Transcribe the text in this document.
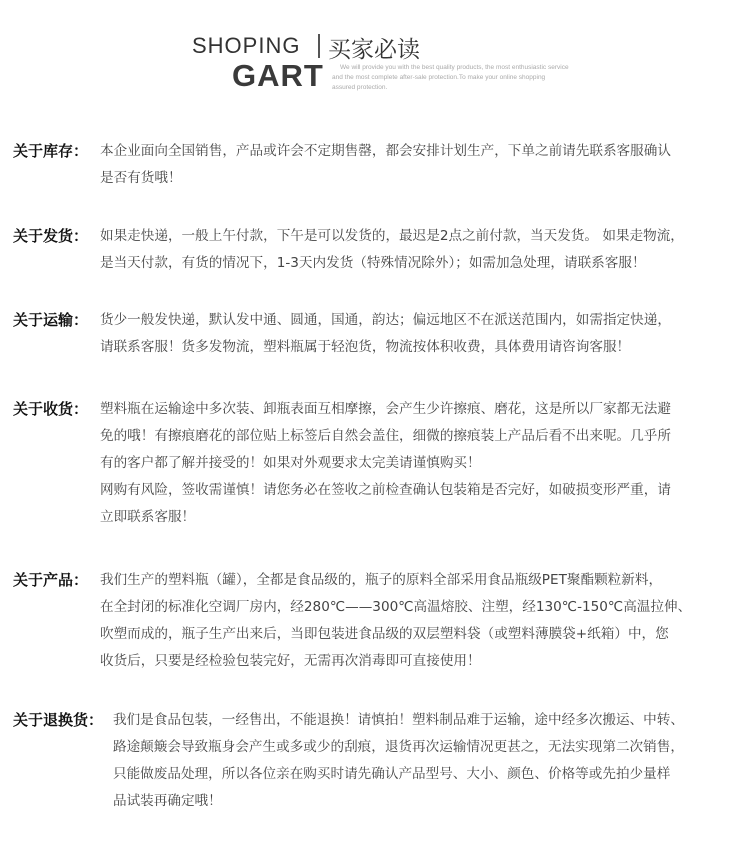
SHOPING
GART
买家必读
We will provide you with the best quality products, the most enthusiastic service
and the most complete after-sale protection.To make your online shopping
assured protection.
关于库存： 本企业面向全国销售，产品或许会不定期售罄，都会安排计划生产，下单之前请先联系客服确认
是否有货哦！
关于发货： 如果走快递，一般上午付款，下午是可以发货的，最迟是2点之前付款，当天发货。 如果走物流，
是当天付款，有货的情况下，1-3天内发货（特殊情况除外）；如需加急处理，请联系客服！
关于运输： 货少一般发快递，默认发中通、圆通，国通，韵达；偏远地区不在派送范围内，如需指定快递，
请联系客服！货多发物流，塑料瓶属于轻泡货，物流按体积收费，具体费用请咨询客服！
关于收货： 塑料瓶在运输途中多次装、卸瓶表面互相摩擦，会产生少许擦痕、磨花，这是所以厂家都无法避
免的哦！有擦痕磨花的部位贴上标签后自然会盖住，细微的擦痕装上产品后看不出来呢。几乎所
有的客户都了解并接受的！如果对外观要求太完美请谨慎购买！
网购有风险，签收需谨慎！请您务必在签收之前检查确认包装箱是否完好，如破损变形严重，请
立即联系客服！
关于产品： 我们生产的塑料瓶（罐），全都是食品级的，瓶子的原料全部采用食品瓶级PET聚酯颗粒新料，
在全封闭的标准化空调厂房内，经280℃——300℃高温熔胶、注塑，经130℃-150℃高温拉伸、
吹塑而成的，瓶子生产出来后，当即包装进食品级的双层塑料袋（或塑料薄膜袋+纸箱）中，您
收货后，只要是经检验包装完好，无需再次消毒即可直接使用！
关于退换货： 我们是食品包装，一经售出，不能退换！请慎拍！塑料制品难于运输，途中经多次搬运、中转、
路途颠簸会导致瓶身会产生或多或少的刮痕，退货再次运输情况更甚之，无法实现第二次销售，
只能做废品处理，所以各位亲在购买时请先确认产品型号、大小、颜色、价格等或先拍少量样
品试装再确定哦！
